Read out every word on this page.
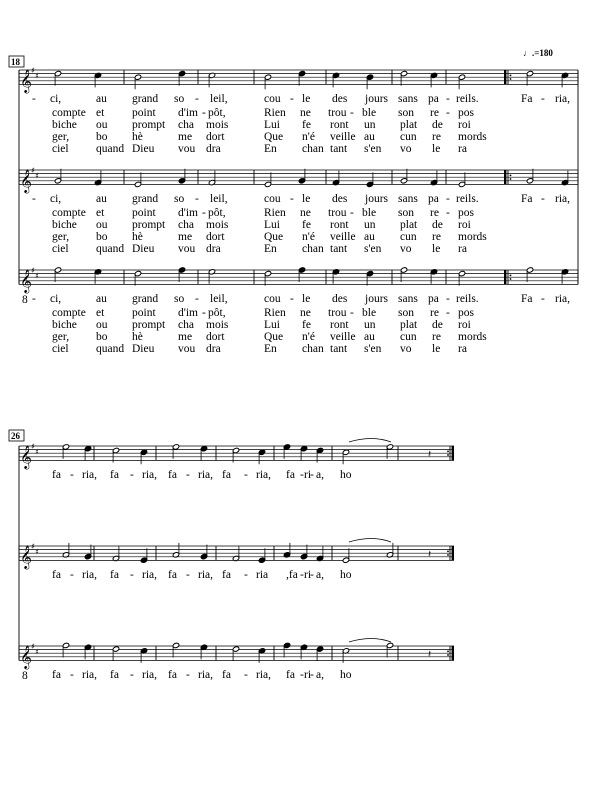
18
♩.=180
26
𝄞 ♯
♯
𝄞 ♯
♯
𝄞 ♯
♯
𝄞 ♯
♯	𝄽
𝄞 ♯
♯	𝄽
𝄞 ♯
♯	𝄽
- ci,	au grand so - leil,	cou - le des jours sans pa - reils.	Fa - ria,
compte et point d'im - pôt,	Rien ne trou - ble son re - pos
biche ou prompt cha mois	Lui fe ront un plat de roi
ger, bo hè	me dort	Que n'é veille au cun re mords
ciel quand Dieu vou dra	En chan tant s'en vo le ra
- ci,	au grand so - leil,	cou - le des jours sans pa - reils.	Fa - ria,
compte et point d'im - pôt,	Rien ne trou - ble son re - pos
biche ou prompt cha mois	Lui fe ront un plat de roi
ger, bo hè	me dort	Que n'é veille au cun re mords
ciel quand Dieu vou dra	En chan tant s'en vo le ra
- ci,	au grand so - leil,	cou - le des jours sans pa - reils.	Fa - ria,
compte et point d'im - pôt,	Rien ne trou - ble son re - pos
biche ou prompt cha mois	Lui fe ront un plat de roi
ger, bo hè	me dort	Que n'é veille au cun re mords
ciel quand Dieu vou dra	En chan tant s'en vo le ra
8
fa - ria, fa - ria, fa - ria, fa - ria, fa - ri
- a, ho
fa - ria, fa - ria, fa - ria, fa - ria ,fa - ri
- a, ho
fa - ria, fa - ria, fa - ria, fa - ria, fa - ri
- a, ho
8
